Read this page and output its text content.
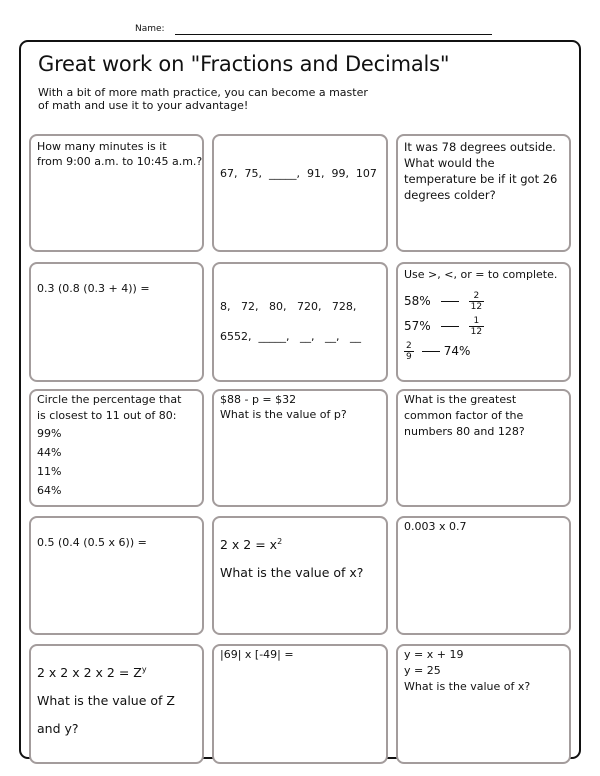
Name:
Great work on "Fractions and Decimals"
With a bit of more math practice, you can become a master
of math and use it to your advantage!
How many minutes is it
from 9:00 a.m. to 10:45 a.m.?
67,  75,  _____,  91,  99,  107
It was 78 degrees outside.
What would the
temperature be if it got 26
degrees colder?
0.3 (0.8 (0.3 + 4)) =
8,   72,   80,   720,   728,
6552,  _____,   __,   __,   __
Use >, <, or = to complete.
58%	$\frac{2}{12}$
57%	$\frac{1}{12}$
$\frac{2}{9}$	74%
Circle the percentage that
is closest to 11 out of 80:
99%
44%
11%
64%
$88 - p = $32
What is the value of p?
What is the greatest
common factor of the
numbers 80 and 128?
0.5 (0.4 (0.5 x 6)) =	2 x $2 = x^2$
What is the value of x?
0.003 x 0.7
2 x 2 x 2 x $2 = Z^y$
What is the value of Z
and y?
|69| x [-49| =	y = x + 19
y = 25
What is the value of x?
